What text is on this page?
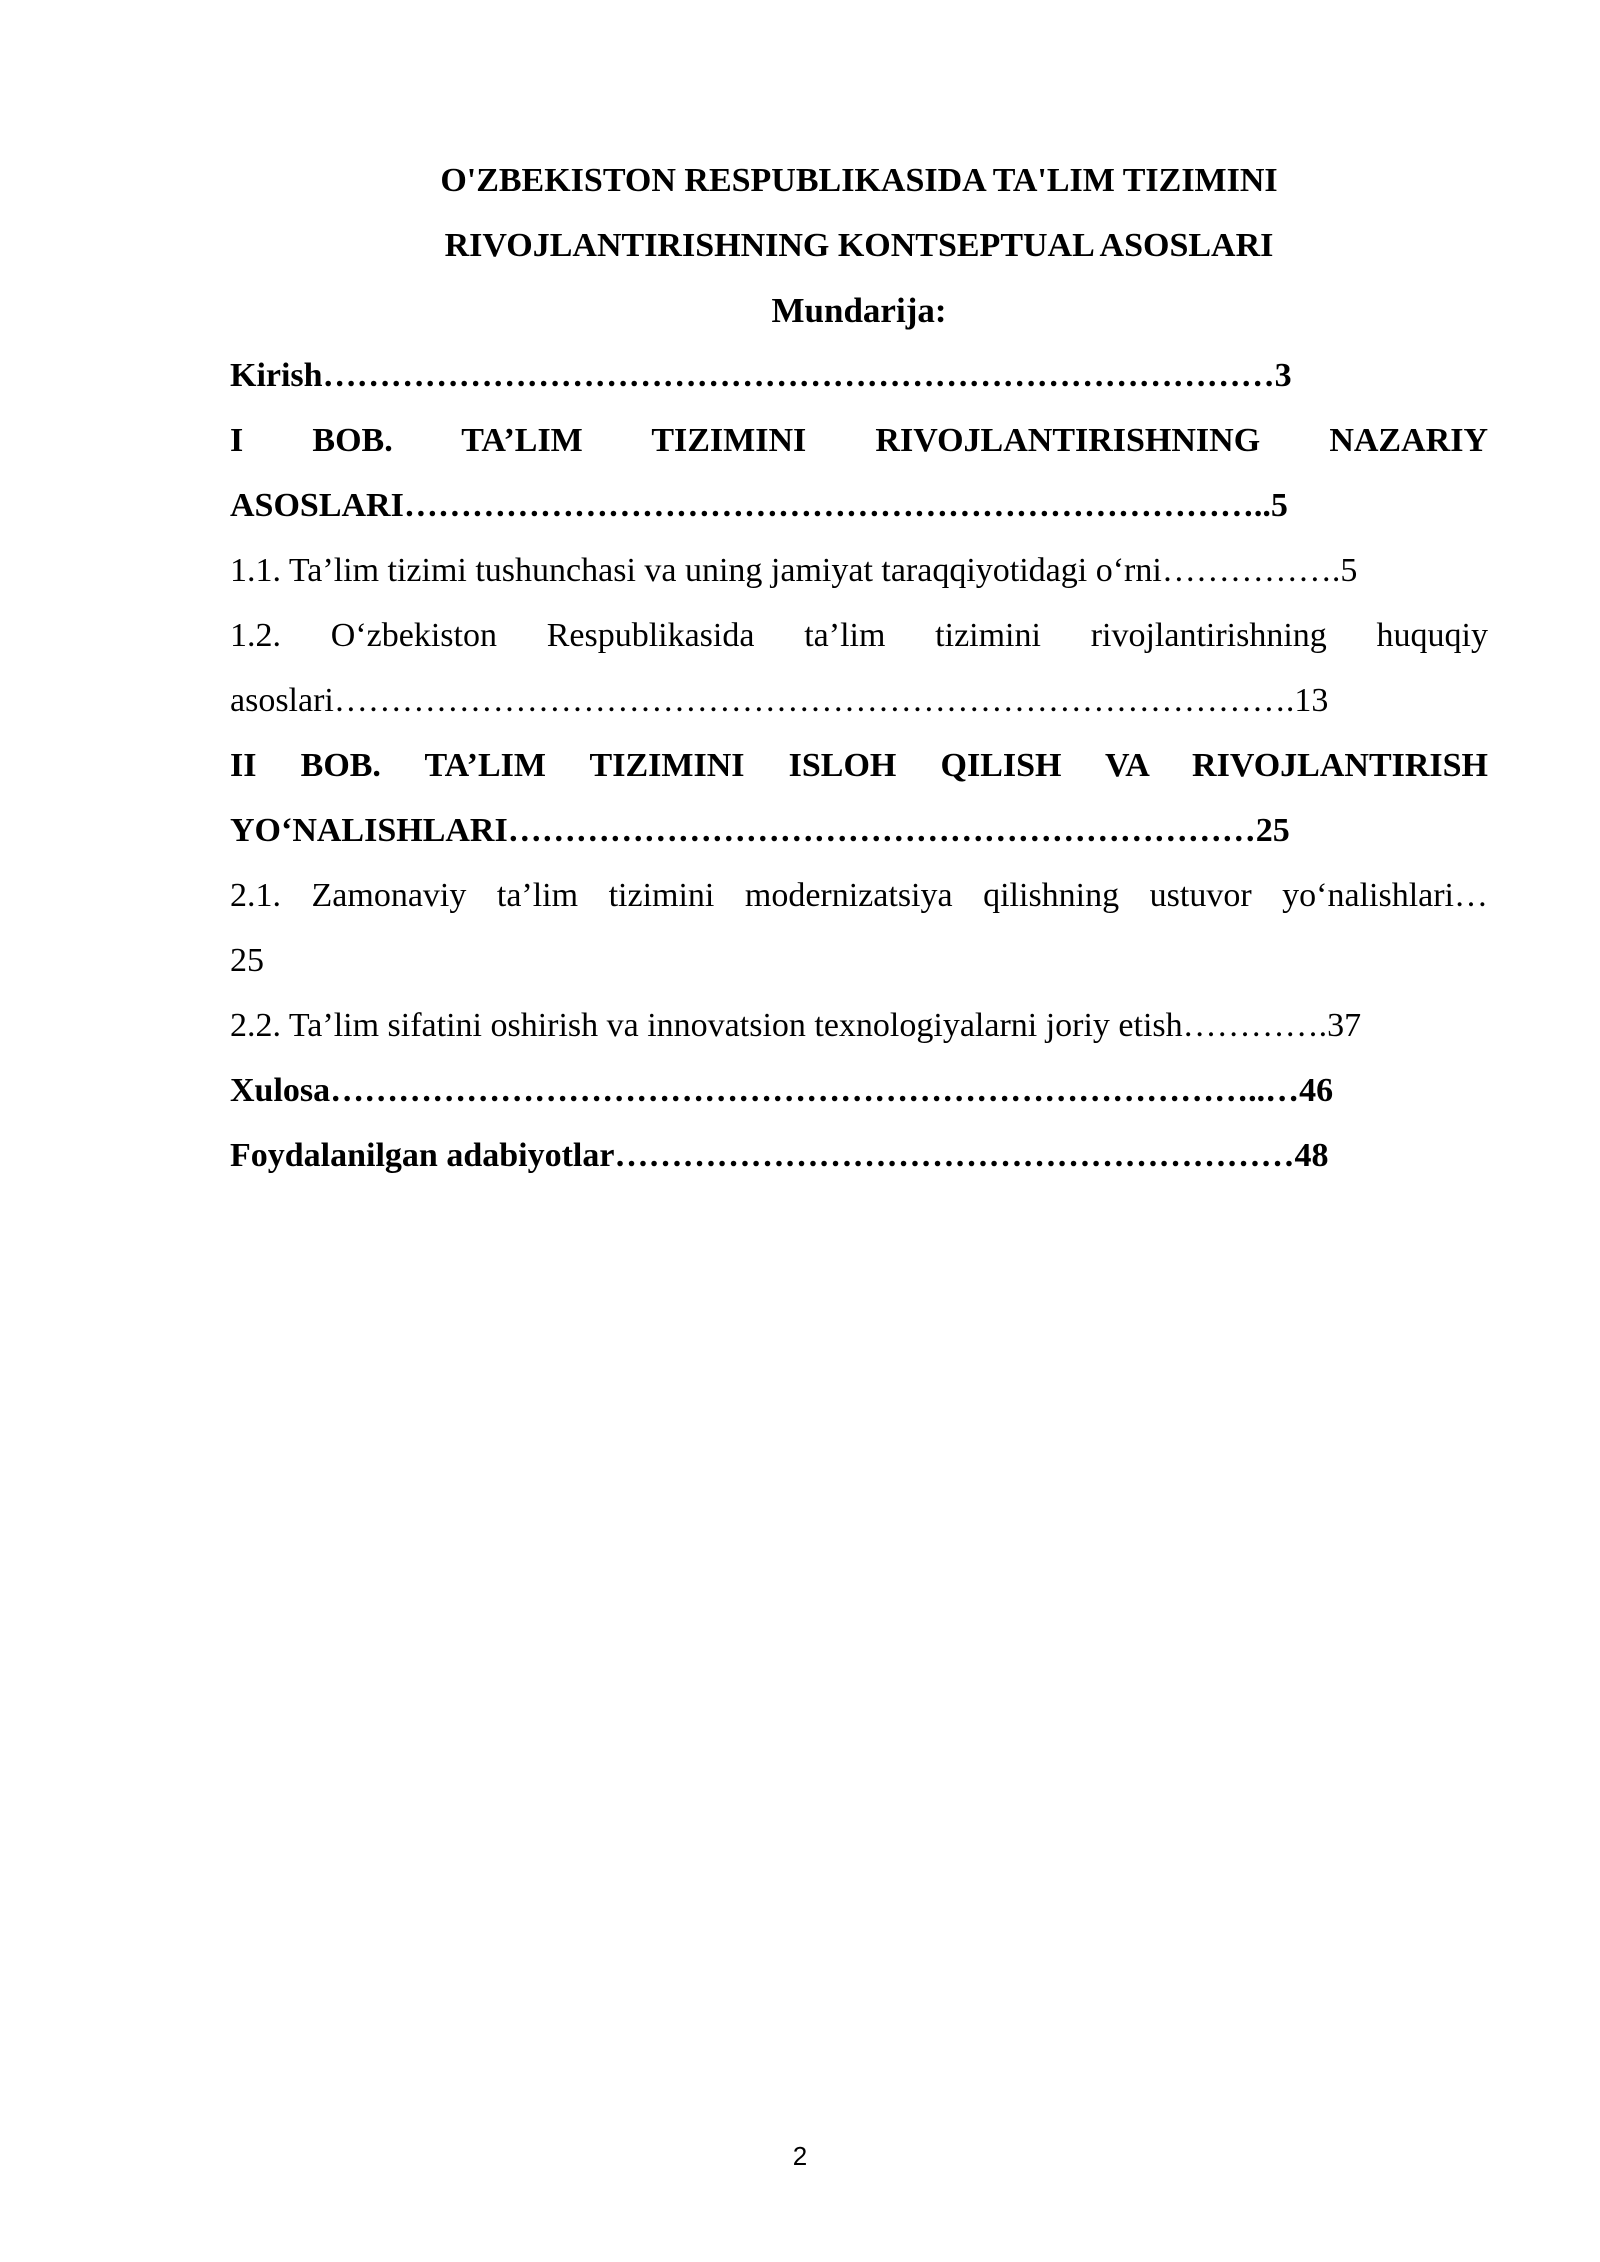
O'ZBEKISTON RESPUBLIKASIDA TA'LIM TIZIMINI
RIVOJLANTIRISHNING KONTSEPTUAL ASOSLARI
Mundarija:
Kirish…………………………………………………………………………3
I BOB. TA’LIM TIZIMINI RIVOJLANTIRISHNING NAZARIY
ASOSLARI…………………………………………………………………..5
1.1. Ta’lim tizimi tushunchasi va uning jamiyat taraqqiyotidagi o‘rni…………….5
1.2. O‘zbekiston Respublikasida ta’lim tizimini rivojlantirishning huquqiy
asoslari………………………………………………………………………….13
II BOB. TA’LIM TIZIMINI ISLOH QILISH VA RIVOJLANTIRISH
YO‘NALISHLARI…………………………………………………………25
2.1. Zamonaviy ta’lim tizimini modernizatsiya qilishning ustuvor yo‘nalishlari…
25
2.2. Ta’lim sifatini oshirish va innovatsion texnologiyalarni joriy etish………….37
Xulosa………………………………………………………………………..…46
Foydalanilgan adabiyotlar……………………………………………………48
2
